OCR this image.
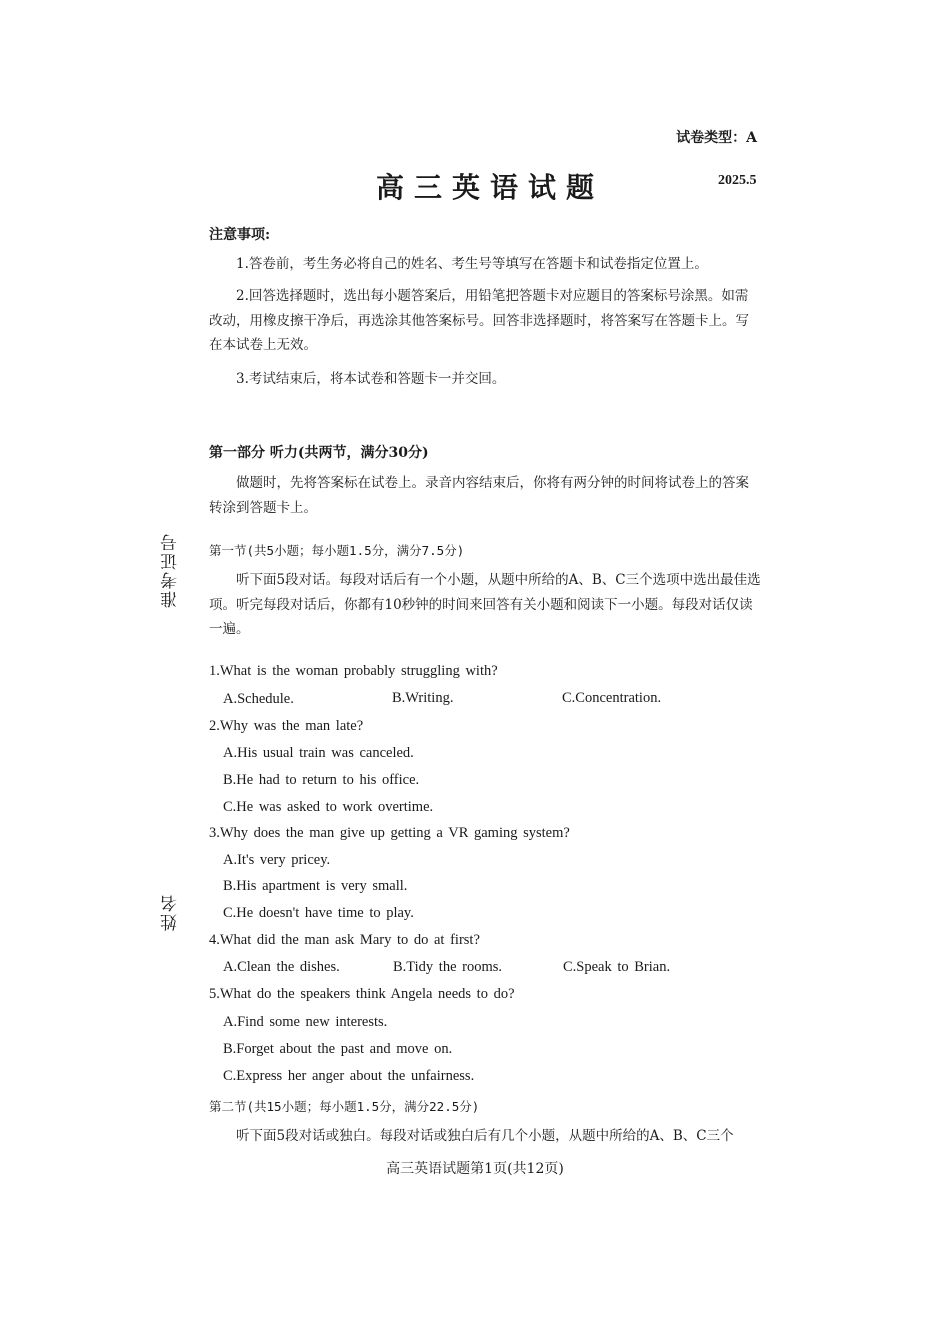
试卷类型：A
高三英语试题	2025.5
注意事项:
1.答卷前，考生务必将自己的姓名、考生号等填写在答题卡和试卷指定位置上。
2.回答选择题时，选出每小题答案后，用铅笔把答题卡对应题目的答案标号涂黑。如需改动，用橡皮擦干净后，再选涂其他答案标号。回答非选择题时，将答案写在答题卡上。写在本试卷上无效。
3.考试结束后，将本试卷和答题卡一并交回。
第一部分 听力(共两节，满分30分)
做题时，先将答案标在试卷上。录音内容结束后，你将有两分钟的时间将试卷上的答案转涂到答题卡上。
第一节(共5小题；每小题1.5分，满分7.5分)
听下面5段对话。每段对话后有一个小题，从题中所给的A、B、C三个选项中选出最佳选项。听完每段对话后，你都有10秒钟的时间来回答有关小题和阅读下一小题。每段对话仅读一遍。
1.What is the woman probably struggling with?
A.Schedule.	B.Writing.	C.Concentration.
2.Why was the man late?
A.His usual train was canceled.
B.He had to return to his office.
C.He was asked to work overtime.
3.Why does the man give up getting a VR gaming system?
A.It's very pricey.
B.His apartment is very small.
C.He doesn't have time to play.
4.What did the man ask Mary to do at first?
A.Clean the dishes.	B.Tidy the rooms.	C.Speak to Brian.
5.What do the speakers think Angela needs to do?
A.Find some new interests.
B.Forget about the past and move on.
C.Express her anger about the unfairness.
第二节(共15小题；每小题1.5分，满分22.5分)
听下面5段对话或独白。每段对话或独白后有几个小题，从题中所给的A、B、C三个
准考证号
姓名
高三英语试题第1页(共12页)
